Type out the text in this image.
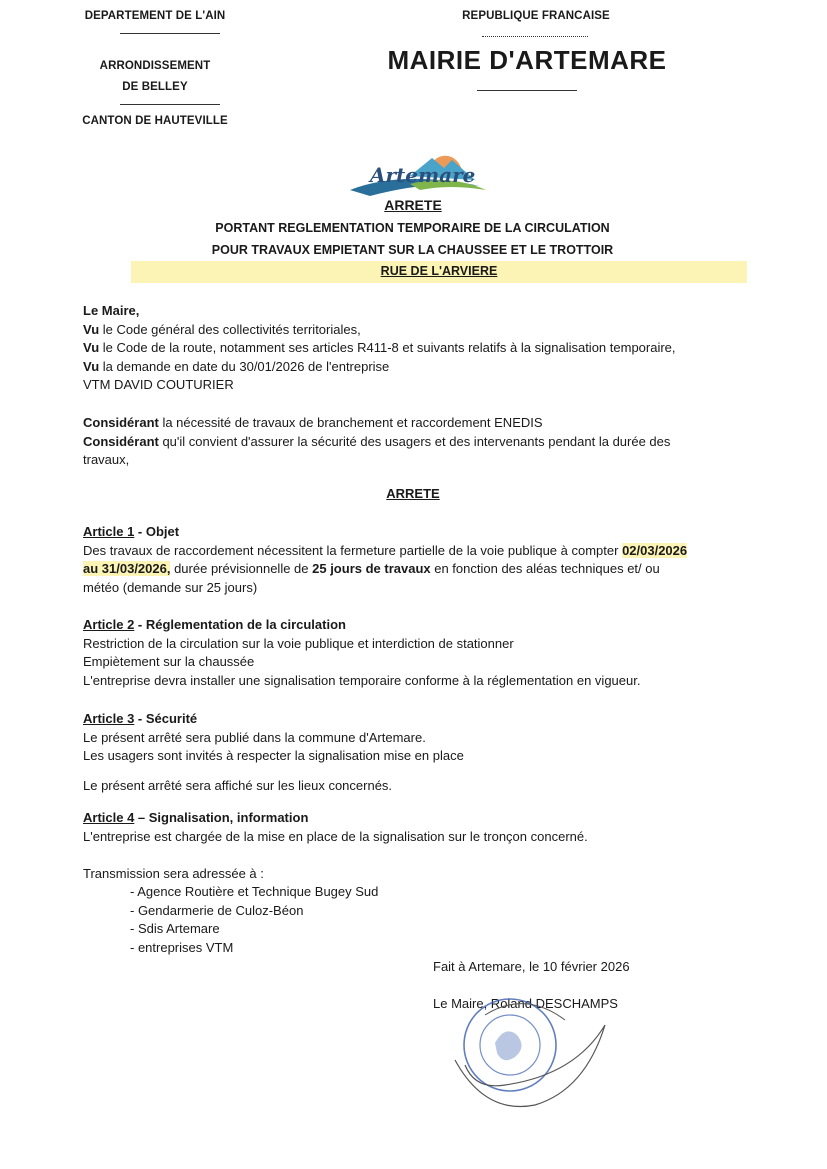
DEPARTEMENT DE L'AIN
ARRONDISSEMENT
DE BELLEY
CANTON DE HAUTEVILLE
REPUBLIQUE FRANCAISE
MAIRIE D'ARTEMARE
Artemare
ARRETE
PORTANT REGLEMENTATION TEMPORAIRE DE LA CIRCULATION
POUR TRAVAUX EMPIETANT SUR LA CHAUSSEE ET LE TROTTOIR
RUE DE L'ARVIERE
Le Maire,
Vu le Code général des collectivités territoriales,
Vu le Code de la route, notamment ses articles R411-8 et suivants relatifs à la signalisation temporaire,
Vu la demande en date du 30/01/2026 de l'entreprise
VTM DAVID COUTURIER
Considérant la nécessité de travaux de branchement et raccordement ENEDIS
Considérant qu'il convient d'assurer la sécurité des usagers et des intervenants pendant la durée des
travaux,
ARRETE
Article 1 - Objet
Des travaux de raccordement nécessitent la fermeture partielle de la voie publique à compter 02/03/2026
au 31/03/2026, durée prévisionnelle de 25 jours de travaux en fonction des aléas techniques et/ ou
météo (demande sur 25 jours)
Article 2 - Réglementation de la circulation
Restriction de la circulation sur la voie publique et interdiction de stationner
Empiètement sur la chaussée
L'entreprise devra installer une signalisation temporaire conforme à la réglementation en vigueur.
Article 3 - Sécurité
Le présent arrêté sera publié dans la commune d'Artemare.
Les usagers sont invités à respecter la signalisation mise en place
Le présent arrêté sera affiché sur les lieux concernés.
Article 4 – Signalisation, information
L'entreprise est chargée de la mise en place de la signalisation sur le tronçon concerné.
Transmission sera adressée à :
- Agence Routière et Technique Bugey Sud
- Gendarmerie de Culoz-Béon
- Sdis Artemare
- entreprises VTM
Fait à Artemare, le 10 février 2026
Le Maire, Roland DESCHAMPS
